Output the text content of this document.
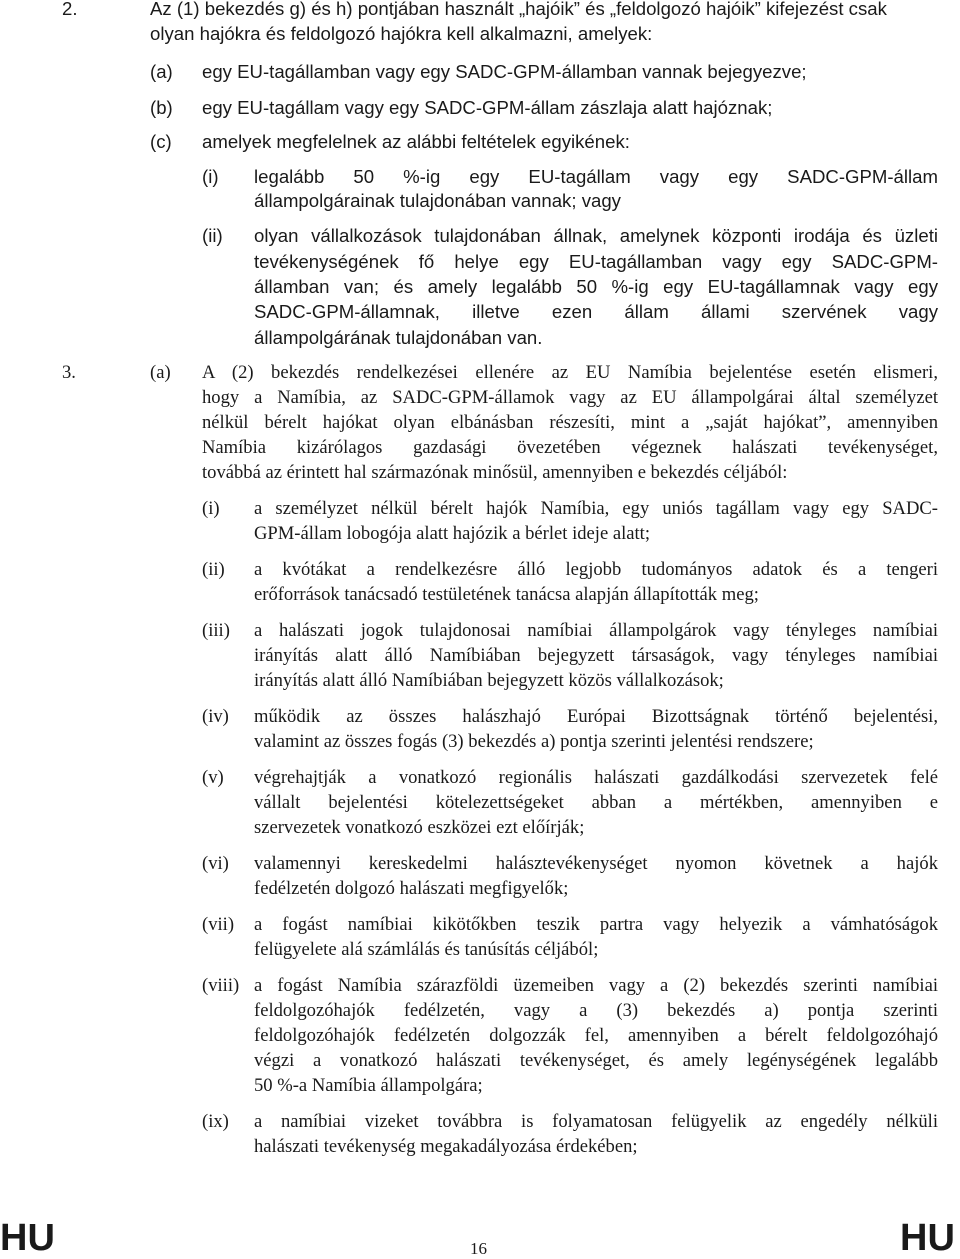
2.	Az (1) bekezdés g) és h) pontjában használt „hajóik” és „feldolgozó hajóik” kifejezést csak
olyan hajókra és feldolgozó hajókra kell alkalmazni, amelyek:
(a) egy EU-tagállamban vagy egy SADC-GPM-államban vannak bejegyezve;
(b) egy EU-tagállam vagy egy SADC-GPM-állam zászlaja alatt hajóznak;
(c) amelyek megfelelnek az alábbi feltételek egyikének:
(i) legalább 50 %-ig egy EU-tagállam vagy egy SADC-GPM-állam
állampolgárainak tulajdonában vannak; vagy
(ii) olyan vállalkozások tulajdonában állnak, amelynek központi irodája és üzleti
tevékenységének fő helye egy EU-tagállamban vagy egy SADC-GPM-
államban van; és amely legalább 50 %-ig egy EU-tagállamnak vagy egy
SADC-GPM-államnak, illetve ezen állam állami szervének vagy
állampolgárának tulajdonában van.
3.	(a) A (2) bekezdés rendelkezései ellenére az EU Namíbia bejelentése esetén elismeri,
hogy a Namíbia, az SADC-GPM-államok vagy az EU állampolgárai által személyzet
nélkül bérelt hajókat olyan elbánásban részesíti, mint a „saját hajókat”, amennyiben
Namíbia kizárólagos gazdasági övezetében végeznek halászati tevékenységet,
továbbá az érintett hal származónak minősül, amennyiben e bekezdés céljából:
(i) a személyzet nélkül bérelt hajók Namíbia, egy uniós tagállam vagy egy SADC-
GPM-állam lobogója alatt hajózik a bérlet ideje alatt;
(ii) a kvótákat a rendelkezésre álló legjobb tudományos adatok és a tengeri
erőforrások tanácsadó testületének tanácsa alapján állapították meg;
(iii) a halászati jogok tulajdonosai namíbiai állampolgárok vagy tényleges namíbiai
irányítás alatt álló Namíbiában bejegyzett társaságok, vagy tényleges namíbiai
irányítás alatt álló Namíbiában bejegyzett közös vállalkozások;
(iv) működik az összes halászhajó Európai Bizottságnak történő bejelentési,
valamint az összes fogás (3) bekezdés a) pontja szerinti jelentési rendszere;
(v) végrehajtják a vonatkozó regionális halászati gazdálkodási szervezetek felé
vállalt bejelentési kötelezettségeket abban a mértékben, amennyiben e
szervezetek vonatkozó eszközei ezt előírják;
(vi) valamennyi kereskedelmi halásztevékenységet nyomon követnek a hajók
fedélzetén dolgozó halászati megfigyelők;
(vii) a fogást namíbiai kikötőkben teszik partra vagy helyezik a vámhatóságok
felügyelete alá számlálás és tanúsítás céljából;
(viii) a fogást Namíbia szárazföldi üzemeiben vagy a (2) bekezdés szerinti namíbiai
feldolgozóhajók fedélzetén, vagy a (3) bekezdés a) pontja szerinti
feldolgozóhajók fedélzetén dolgozzák fel, amennyiben a bérelt feldolgozóhajó
végzi a vonatkozó halászati tevékenységet, és amely legénységének legalább
50 %-a Namíbia állampolgára;
(ix) a namíbiai vizeket továbbra is folyamatosan felügyelik az engedély nélküli
halászati tevékenység megakadályozása érdekében;
HU	16	HU
